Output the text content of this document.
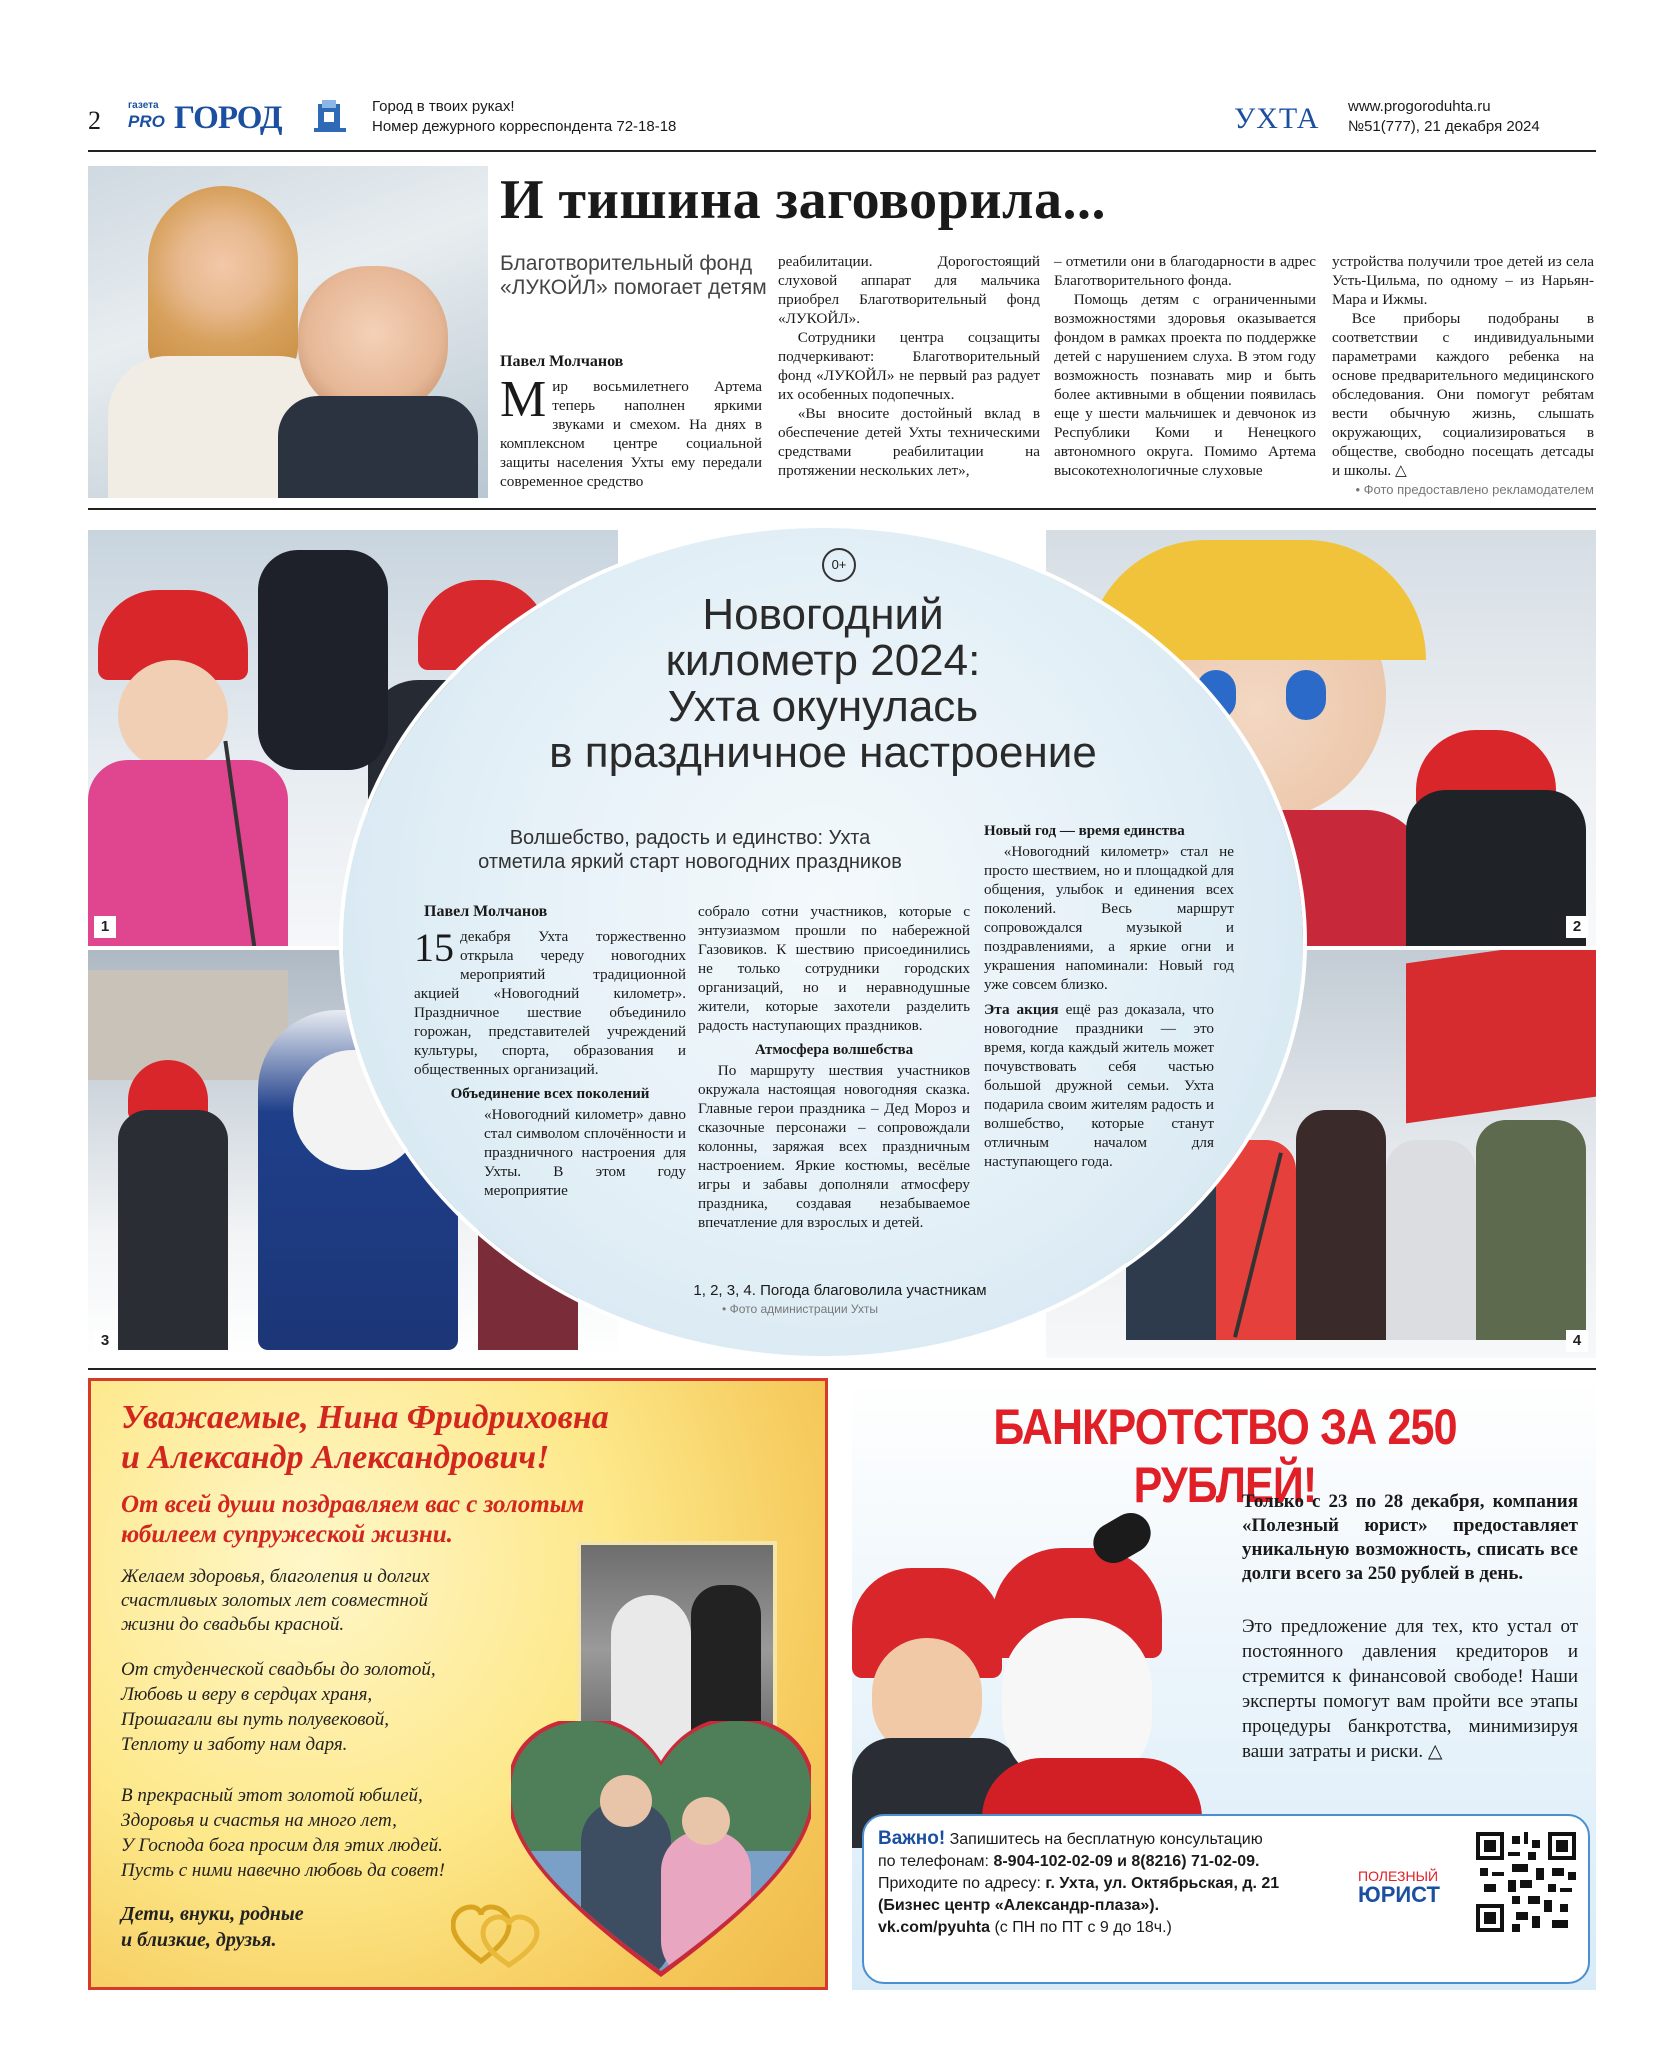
2
газета
PRO ГОРОД	Город в твоих руках!
Номер дежурного корреспондента 72-18-18	УХТА www.progoroduhta.ru
№51(777), 21 декабря 2024
И тишина заговорила...
Благотворительный фонд «ЛУКОЙЛ» помогает детям

Павел Молчанов

Мир восьмилетнего Артема теперь наполнен яркими звуками и смехом. На днях в комплексном центре социальной защиты населения Ухты ему передали современное средство

реабилитации. Дорогостоящий слуховой аппарат для мальчика приобрел Благотворительный фонд «ЛУКОЙЛ».

Сотрудники центра соцзащиты подчеркивают: Благотворительный фонд «ЛУКОЙЛ» не первый раз радует их особенных подопечных.

«Вы вносите достойный вклад в обеспечение детей Ухты техническими средствами реабилитации на протяжении нескольких лет»,

– отметили они в благодарности в адрес Благотворительного фонда.

Помощь детям с ограниченными возможностями здоровья оказывается фондом в рамках проекта по поддержке детей с нарушением слуха. В этом году возможность познавать мир и быть более активными в общении появилась еще у шести мальчишек и девчонок из Республики Коми и Ненецкого автономного округа. Помимо Артема высокотехнологичные слуховые

устройства получили трое детей из села Усть-Цильма, по одному – из Нарьян-Мара и Ижмы.

Все приборы подобраны в соответствии с индивидуальными параметрами каждого ребенка на основе предварительного медицинского обследования. Они помогут ребятам вести обычную жизнь, слышать окружающих, социализироваться в обществе, свободно посещать детсады и школы. △

• Фото предоставлено рекламодателем

1	2
3	4
0+
Новогодний
километр 2024:
Ухта окунулась
в праздничное настроение
Волшебство, радость и единство: Ухта
отметила яркий старт новогодних праздников

Павел Молчанов

15 декабря Ухта торжественно открыла череду новогодних мероприятий традиционной акцией «Новогодний километр». Праздничное шествие объединило горожан, представителей учреждений культуры, спорта, образования и общественных организаций.

Объединение всех поколений

«Новогодний километр» давно стал символом сплочённости и праздничного настроения для Ухты. В этом году мероприятие

собрало сотни участников, которые с энтузиазмом прошли по набережной Газовиков. К шествию присоединились не только сотрудники городских организаций, но и неравнодушные жители, которые захотели разделить радость наступающих праздников.

Атмосфера волшебства

По маршруту шествия участников окружала настоящая новогодняя сказка. Главные герои праздника – Дед Мороз и сказочные персонажи – сопровождали колонны, заряжая всех праздничным настроением. Яркие костюмы, весёлые игры и забавы дополняли атмосферу праздника, создавая незабываемое впечатление для взрослых и детей.

Новый год — время единства

«Новогодний километр» стал не просто шествием, но и площадкой для общения, улыбок и единения всех поколений. Весь маршрут сопровождался музыкой и поздравлениями, а яркие огни и украшения напоминали: Новый год уже совсем близко.

Эта акция ещё раз доказала, что новогодние праздники — это время, когда каждый житель может почувствовать себя частью большой дружной семьи. Ухта подарила своим жителям радость и волшебство, которые станут отличным началом для наступающего года.

1, 2, 3, 4. Погода благоволила участникам
• Фото администрации Ухты
Уважаемые, Нина Фридриховна
и Александр Александрович!
От всей души поздравляем вас с золотым
юбилеем супружеской жизни.
Желаем здоровья, благолепия и долгих
счастливых золотых лет совместной
жизни до свадьбы красной.
От студенческой свадьбы до золотой,
Любовь и веру в сердцах храня,
Прошагали вы путь полувековой,
Теплоту и заботу нам даря.
В прекрасный этот золотой юбилей,
Здоровья и счастья на много лет,
У Господа бога просим для этих людей.
Пусть с ними навечно любовь да совет!
Дети, внуки, родные
и близкие, друзья.
БАНКРОТСТВО ЗА 250 РУБЛЕЙ!
Только с 23 по 28 декабря, компания «Полезный юрист» предоставляет уникальную возможность, списать все долги всего за 250 рублей в день.
Это предложение для тех, кто устал от постоянного давления кредиторов и стремится к финансовой свободе! Наши эксперты помогут вам пройти все этапы процедуры банкротства, минимизируя ваши затраты и риски. △
Важно! Запишитесь на бесплатную консультацию
по телефонам: 8-904-102-02-09 и 8(8216) 71-02-09.
Приходите по адресу: г. Ухта, ул. Октябрьская, д. 21
(Бизнес центр «Александр-плаза»).
vk.com/pyuhta (с ПН по ПТ с 9 до 18ч.)
ПОЛЕЗНЫЙ
ЮРИСТ
